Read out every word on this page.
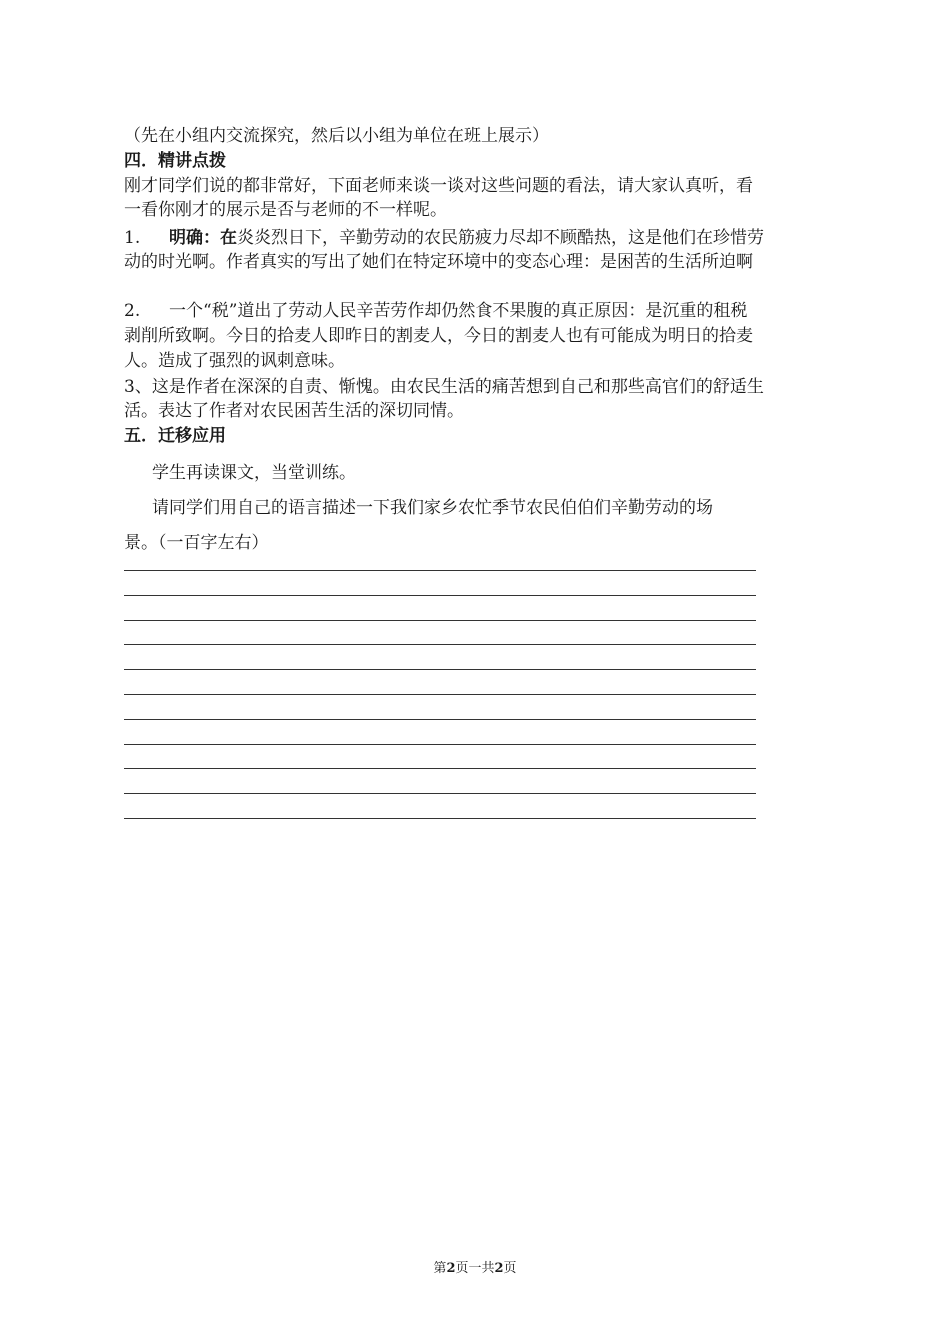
（先在小组内交流探究，然后以小组为单位在班上展示）
四．精讲点拨
刚才同学们说的都非常好，下面老师来谈一谈对这些问题的看法，请大家认真听，看
一看你刚才的展示是否与老师的不一样呢。
1. 明确：在炎炎烈日下，辛勤劳动的农民筋疲力尽却不顾酷热，这是他们在珍惜劳
动的时光啊。作者真实的写出了她们在特定环境中的变态心理：是困苦的生活所迫啊
2. 一个“税”道出了劳动人民辛苦劳作却仍然食不果腹的真正原因：是沉重的租税
剥削所致啊。今日的拾麦人即昨日的割麦人，今日的割麦人也有可能成为明日的拾麦
人。造成了强烈的讽刺意味。
3、这是作者在深深的自责、惭愧。由农民生活的痛苦想到自己和那些高官们的舒适生
活。表达了作者对农民困苦生活的深切同情。
五．迁移应用
学生再读课文，当堂训练。
请同学们用自己的语言描述一下我们家乡农忙季节农民伯伯们辛勤劳动的场
景。（一百字左右）
第2页一共2页
